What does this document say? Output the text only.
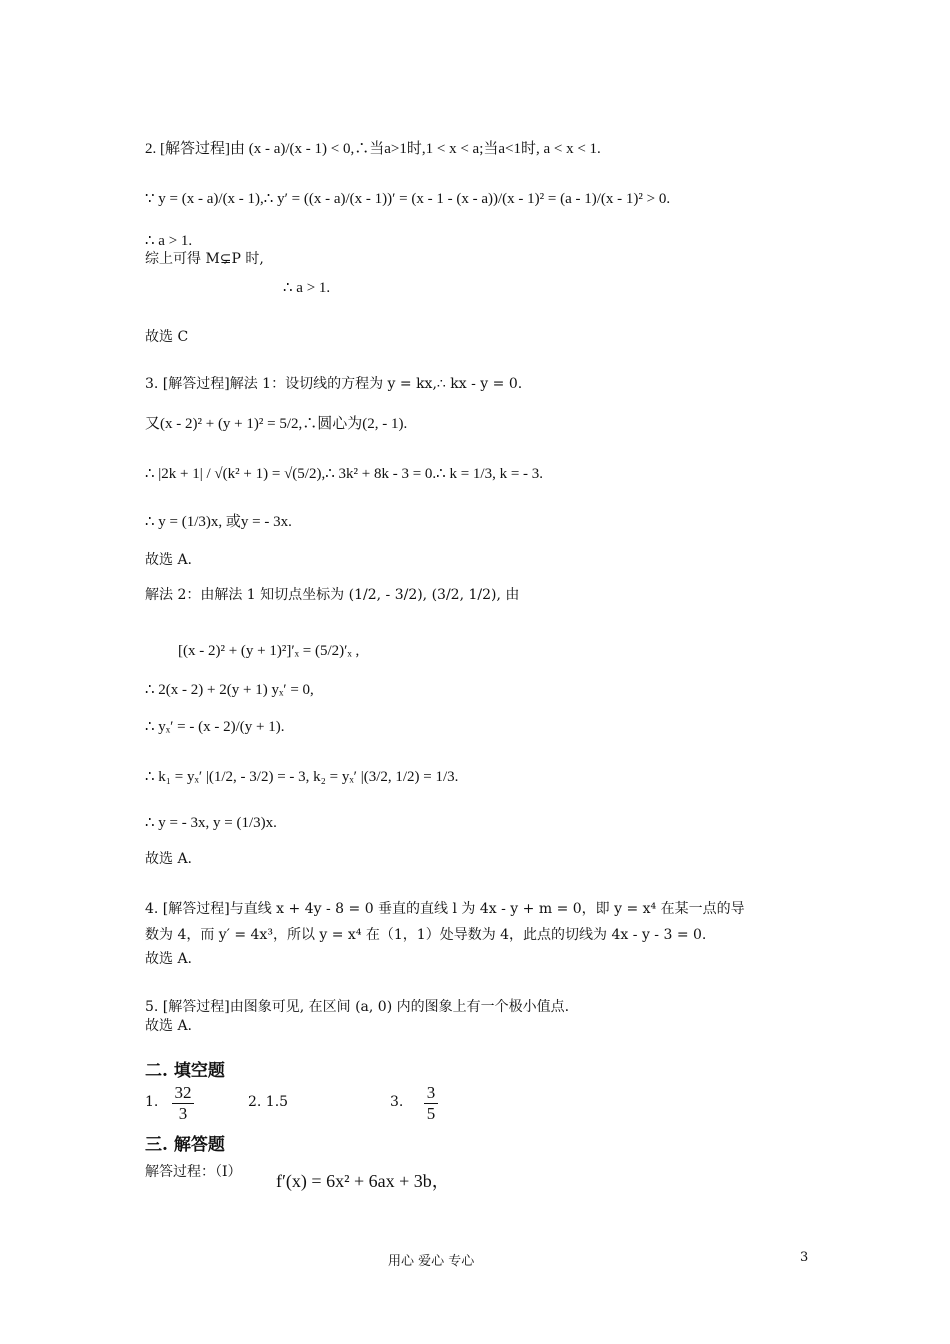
2. [解答过程]由 (x - a)/(x - 1) < 0,∴当a>1时,1 < x < a;当a<1时, a < x < 1.
∵ y = (x - a)/(x - 1),∴ y′ = ((x - a)/(x - 1))′ = (x - 1 - (x - a))/(x - 1)² = (a - 1)/(x - 1)² > 0.
∴ a > 1.
综上可得 M⊊P 时,
∴ a > 1.
故选 C
3. [解答过程]解法 1：设切线的方程为 y = kx,∴ kx - y = 0.
又(x - 2)² + (y + 1)² = 5/2,∴圆心为(2, - 1).
∴ |2k + 1| / √(k² + 1) = √(5/2),∴ 3k² + 8k - 3 = 0.∴ k = 1/3, k = - 3.
∴ y = (1/3)x, 或y = - 3x.
故选 A.
解法 2：由解法 1 知切点坐标为 (1/2, - 3/2), (3/2, 1/2), 由
[(x - 2)² + (y + 1)²]′ₓ = (5/2)′ₓ ,
∴ 2(x - 2) + 2(y + 1) yₓ′ = 0,
∴ yₓ′ = - (x - 2)/(y + 1).
∴ k₁ = yₓ′ |(1/2, - 3/2) = - 3, k₂ = yₓ′ |(3/2, 1/2) = 1/3.
∴ y = - 3x, y = (1/3)x.
故选 A.
4. [解答过程]与直线 x + 4y - 8 = 0 垂直的直线 l 为 4x - y + m = 0，即 y = x⁴ 在某一点的导
数为 4，而 y′ = 4x³，所以 y = x⁴ 在（1，1）处导数为 4，此点的切线为 4x - y - 3 = 0.
故选 A.
5. [解答过程]由图象可见, 在区间 (a, 0) 内的图象上有一个极小值点.
故选 A.
二. 填空题
1. $\frac{32}{3}$	2. 1.5	3. $\frac{3}{5}$
三. 解答题
解答过程：（Ⅰ） f′(x) = 6x² + 6ax + 3b，
用心 爱心 专心	3
